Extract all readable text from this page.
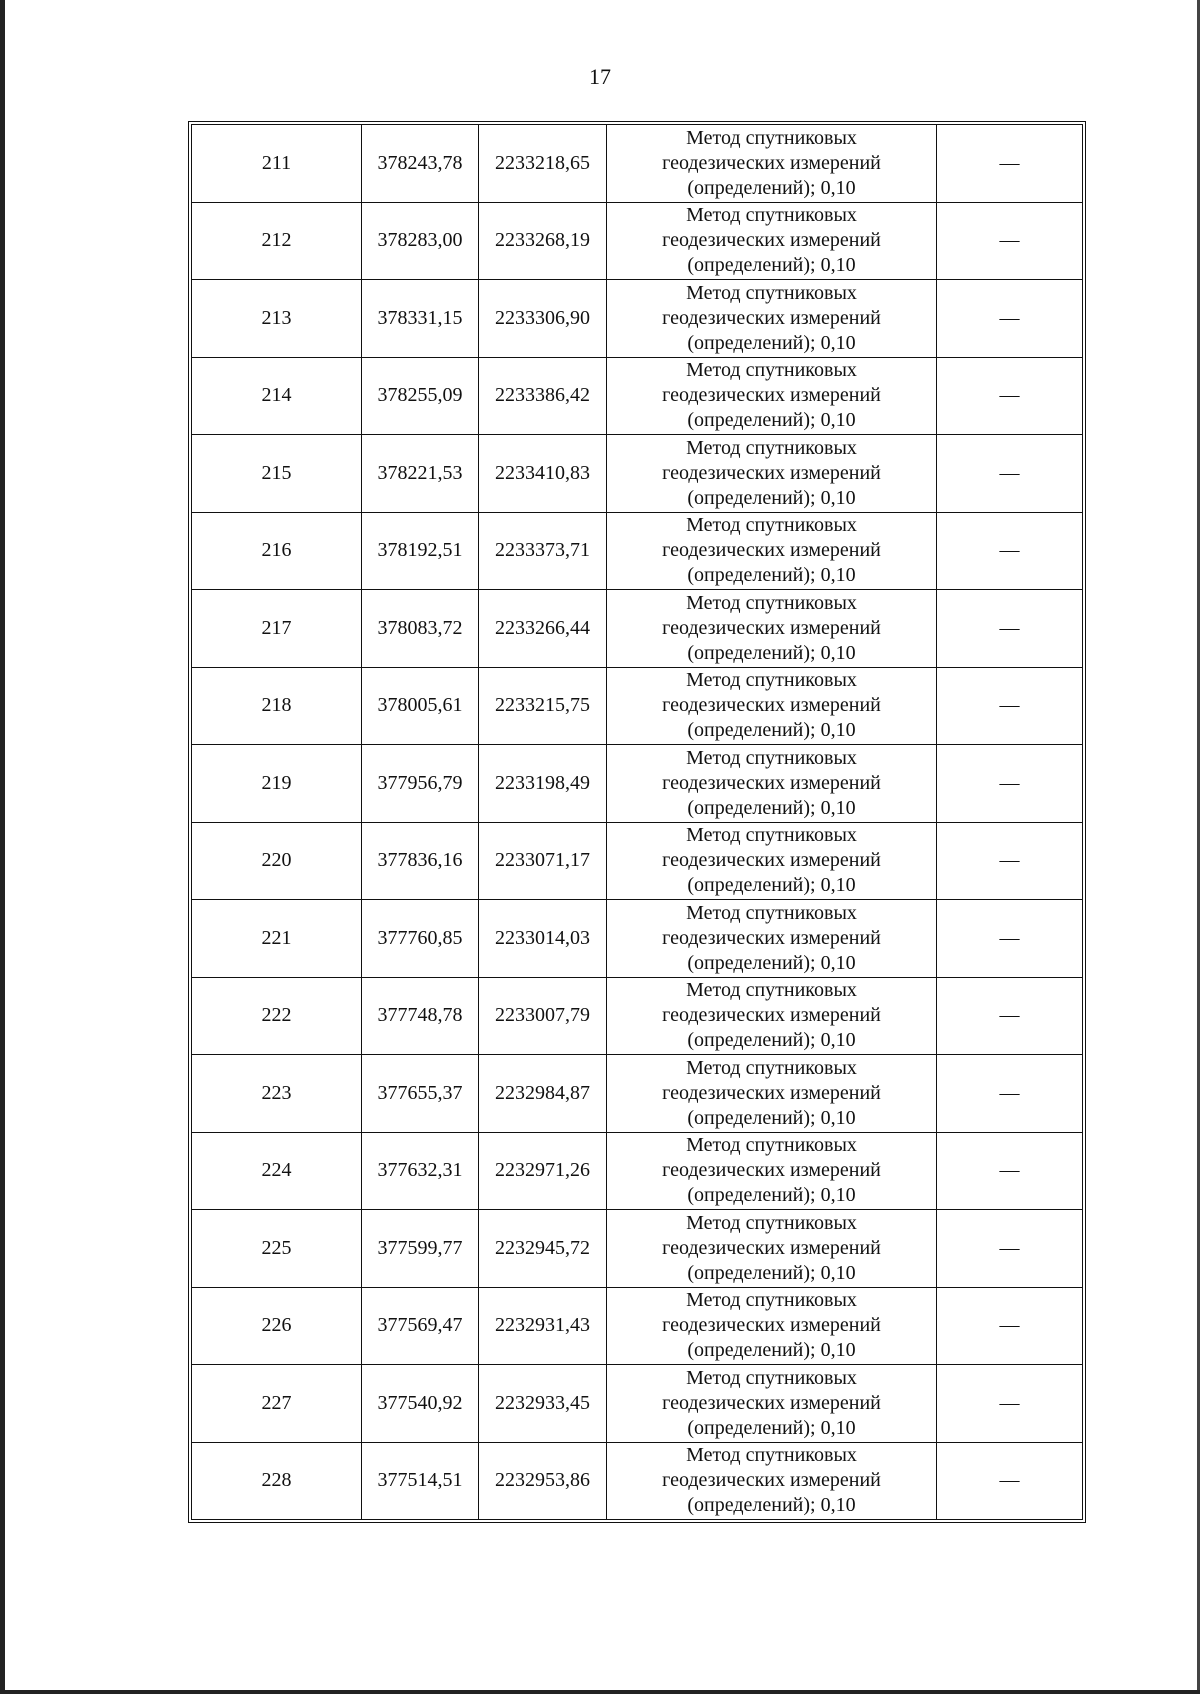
17
211	378243,78	2233218,65	Метод спутниковых
геодезических измерений
(определений); 0,10	—
212	378283,00	2233268,19	Метод спутниковых
геодезических измерений
(определений); 0,10	—
213	378331,15	2233306,90	Метод спутниковых
геодезических измерений
(определений); 0,10	—
214	378255,09	2233386,42	Метод спутниковых
геодезических измерений
(определений); 0,10	—
215	378221,53	2233410,83	Метод спутниковых
геодезических измерений
(определений); 0,10	—
216	378192,51	2233373,71	Метод спутниковых
геодезических измерений
(определений); 0,10	—
217	378083,72	2233266,44	Метод спутниковых
геодезических измерений
(определений); 0,10	—
218	378005,61	2233215,75	Метод спутниковых
геодезических измерений
(определений); 0,10	—
219	377956,79	2233198,49	Метод спутниковых
геодезических измерений
(определений); 0,10	—
220	377836,16	2233071,17	Метод спутниковых
геодезических измерений
(определений); 0,10	—
221	377760,85	2233014,03	Метод спутниковых
геодезических измерений
(определений); 0,10	—
222	377748,78	2233007,79	Метод спутниковых
геодезических измерений
(определений); 0,10	—
223	377655,37	2232984,87	Метод спутниковых
геодезических измерений
(определений); 0,10	—
224	377632,31	2232971,26	Метод спутниковых
геодезических измерений
(определений); 0,10	—
225	377599,77	2232945,72	Метод спутниковых
геодезических измерений
(определений); 0,10	—
226	377569,47	2232931,43	Метод спутниковых
геодезических измерений
(определений); 0,10	—
227	377540,92	2232933,45	Метод спутниковых
геодезических измерений
(определений); 0,10	—
228	377514,51	2232953,86	Метод спутниковых
геодезических измерений
(определений); 0,10	—
